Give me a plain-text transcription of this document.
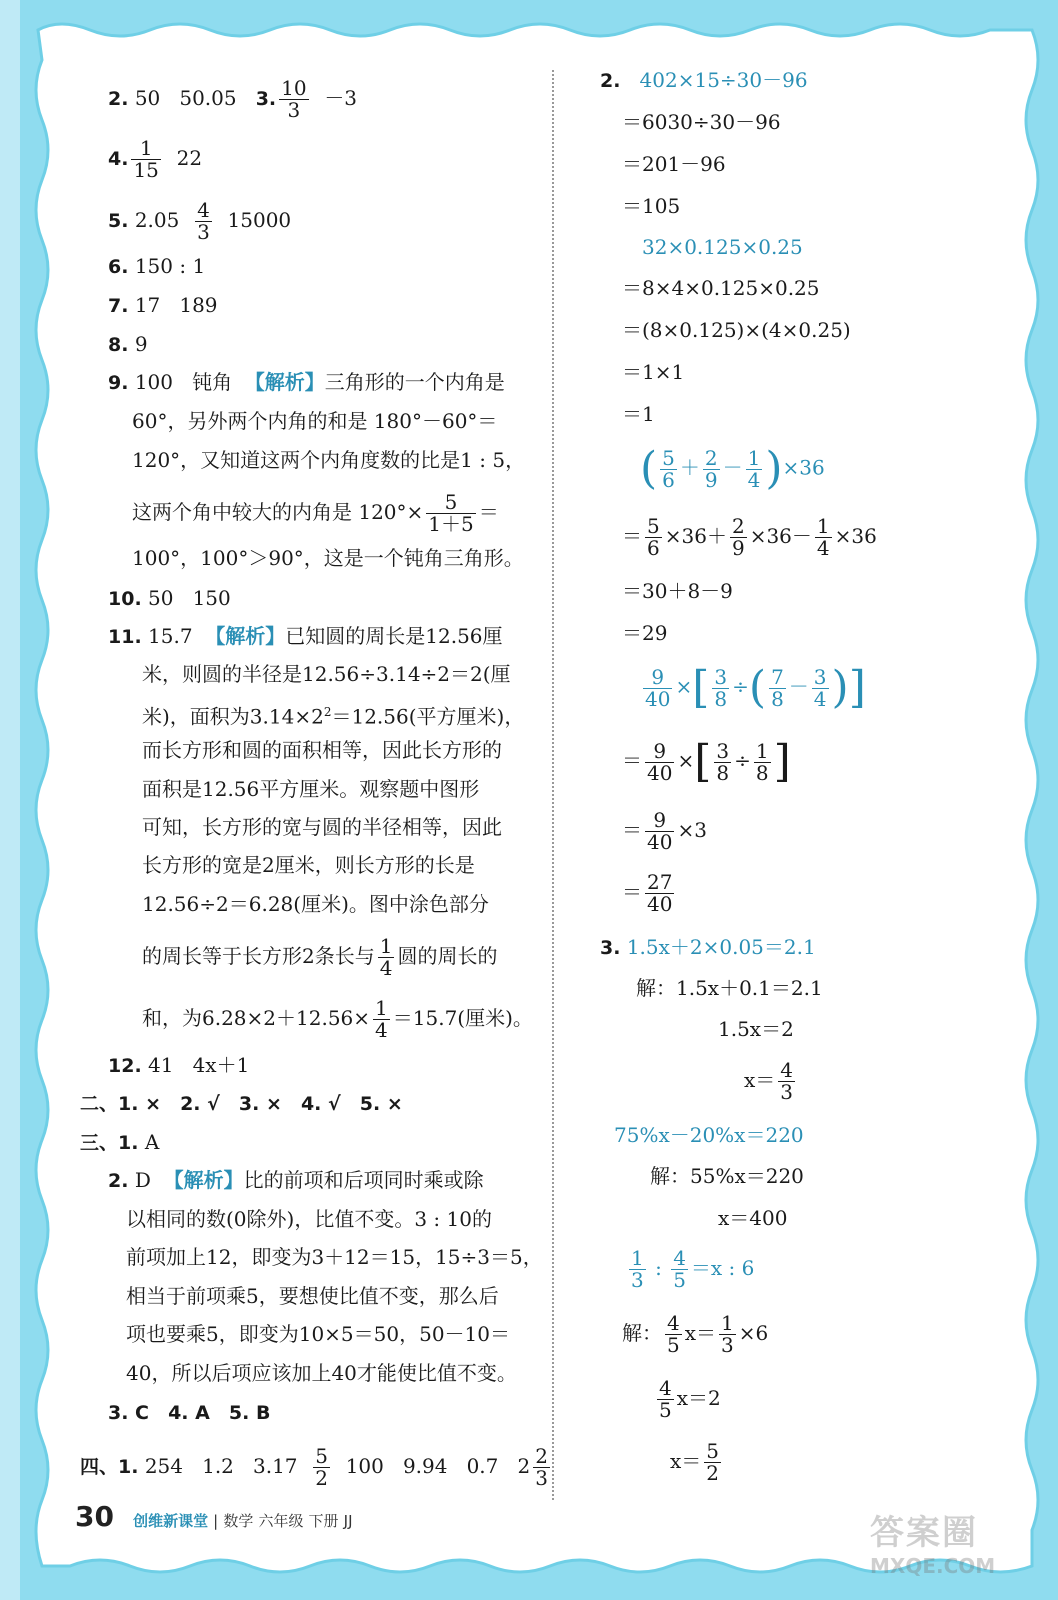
2. 50 50.05 3. $\frac{10}{3} -3$
4. $\frac{1}{15} 22$
5. $2.05 \frac{4}{3} 15000$
6. 150 : 1
7. 17 189
8. 9
9. 100 钝角 【解析】三角形的一个内角是
60°，另外两个内角的和是 180°－60°＝
120°，又知道这两个内角度数的比是1 : 5，
这两个角中较大的内角是 $120^\circ\times \frac{5}{1+5}$ ＝
100°，100°＞90°，这是一个钝角三角形。
10. 50 150
11. 15.7 【解析】已知圆的周长是12.56厘
米，则圆的半径是12.56÷3.14÷2＝2(厘
米)，面积为$3.14\times 2^2=12.56$(平方厘米)，
而长方形和圆的面积相等，因此长方形的
面积是12.56平方厘米。观察题中图形
可知，长方形的宽与圆的半径相等，因此
长方形的宽是2厘米，则长方形的长是
12.56÷2＝6.28(厘米)。图中涂色部分
的周长等于长方形2条长与 $\frac{1}{4}$ 圆的周长的
和，为$6.28\times 2+12.56\times \frac{1}{4} =15.7$(厘米)。
12. 41 4x＋1
二、1. × 2. √ 3. × 4. √ 5. ×
三、1. A
2. D 【解析】比的前项和后项同时乘或除
以相同的数(0除外)，比值不变。3 : 10的
前项加上12，即变为3＋12＝15，15÷3＝5，
相当于前项乘5，要想使比值不变，那么后
项也要乘5，即变为10×5＝50，50－10＝
40，所以后项应该加上40才能使比值不变。
3. C 4. A 5. B
四、1. 254 1.2 $3.17 \frac{5}{2} 100$ 9.94 0.7 $2 \frac{2}{3}$
2. 402×15÷30－96
＝6030÷30－96
＝201－96
＝105
32×0.125×0.25
＝8×4×0.125×0.25
＝(8×0.125)×(4×0.25)
＝1×1
＝1
( $\frac{5}{6} + \frac{2}{9} - \frac{1}{4} )\times 36$
＝ $\frac{5}{6} \times 36+ \frac{2}{9} \times 36- \frac{1}{4} \times 36$
＝30＋8－9
＝29
$\frac{9}{40}$ ×[ $\frac{3}{8}$ ÷( $\frac{7}{8} - \frac{3}{4}$ )]
＝ $\frac{9}{40}$ ×[ $\frac{3}{8} \div \frac{1}{8}$ ]
＝ $\frac{9}{40} \times 3$
＝ $\frac{27}{40}$
3. 1.5x＋2×0.05＝2.1
解：1.5x＋0.1＝2.1
1.5x＝2
$x= \frac{4}{3}$
75%x－20%x＝220
解：55%x＝220
x＝400
$\frac{1}{3}$ : $\frac{4}{5} =x$ : 6
解： $\frac{4}{5} x= \frac{1}{3} \times 6$
$\frac{4}{5} x=2$
$x= \frac{5}{2}$
30 创维新课堂 | 数学 六年级 下册 JJ	答案圈
MXQE.COM
